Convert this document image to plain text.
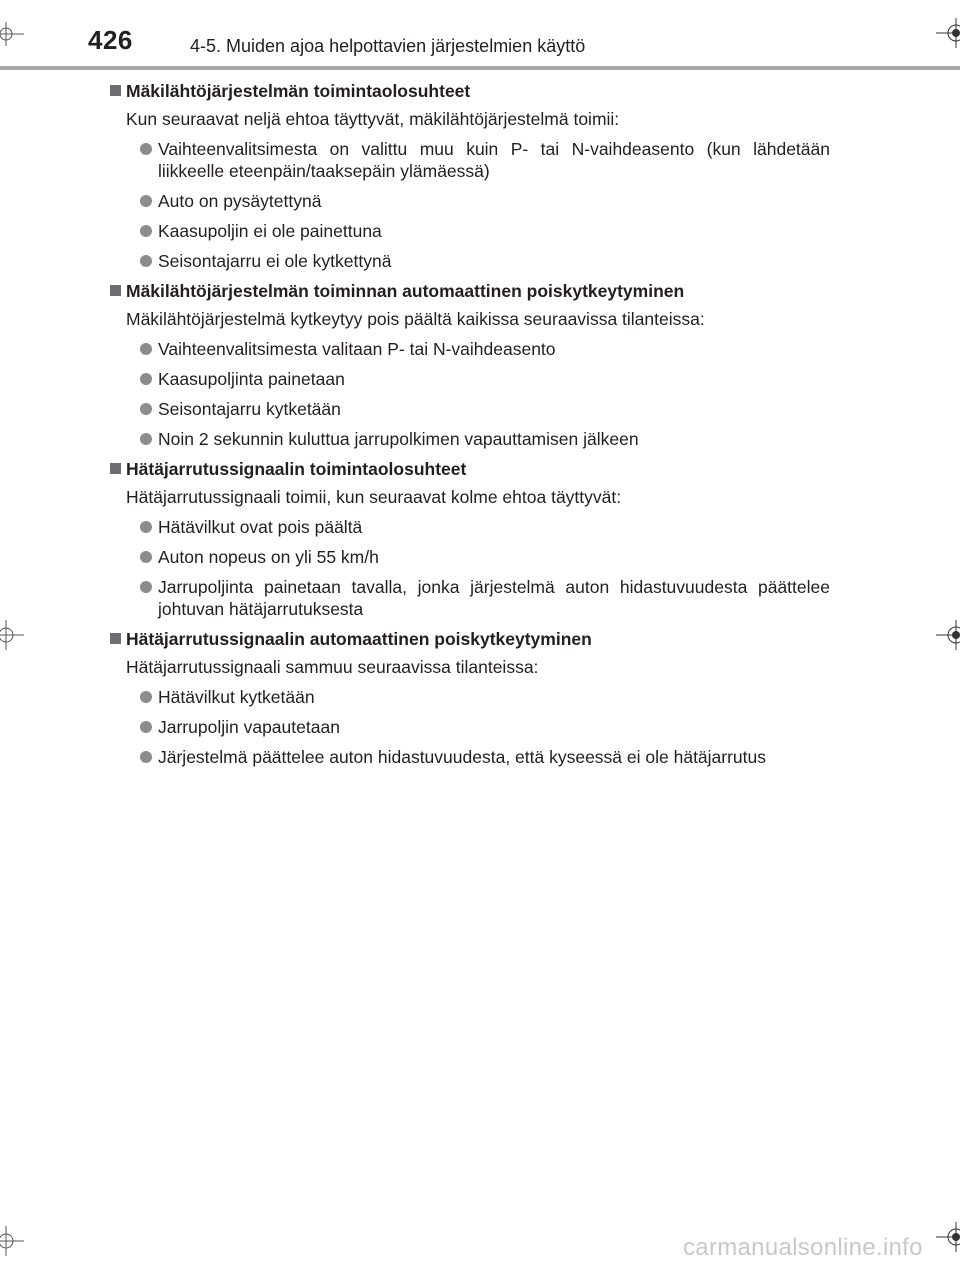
426	4-5. Muiden ajoa helpottavien järjestelmien käyttö
Mäkilähtöjärjestelmän toimintaolosuhteet
Kun seuraavat neljä ehtoa täyttyvät, mäkilähtöjärjestelmä toimii:
Vaihteenvalitsimesta on valittu muu kuin P- tai N-vaihdeasento (kun lähdetään liikkeelle eteenpäin/taaksepäin ylämäessä)
Auto on pysäytettynä
Kaasupoljin ei ole painettuna
Seisontajarru ei ole kytkettynä
Mäkilähtöjärjestelmän toiminnan automaattinen poiskytkeytyminen
Mäkilähtöjärjestelmä kytkeytyy pois päältä kaikissa seuraavissa tilanteissa:
Vaihteenvalitsimesta valitaan P- tai N-vaihdeasento
Kaasupoljinta painetaan
Seisontajarru kytketään
Noin 2 sekunnin kuluttua jarrupolkimen vapauttamisen jälkeen
Hätäjarrutussignaalin toimintaolosuhteet
Hätäjarrutussignaali toimii, kun seuraavat kolme ehtoa täyttyvät:
Hätävilkut ovat pois päältä
Auton nopeus on yli 55 km/h
Jarrupoljinta painetaan tavalla, jonka järjestelmä auton hidastuvuudesta päättelee johtuvan hätäjarrutuksesta
Hätäjarrutussignaalin automaattinen poiskytkeytyminen
Hätäjarrutussignaali sammuu seuraavissa tilanteissa:
Hätävilkut kytketään
Jarrupoljin vapautetaan
Järjestelmä päättelee auton hidastuvuudesta, että kyseessä ei ole hätäjarrutus
carmanualsonline.info
